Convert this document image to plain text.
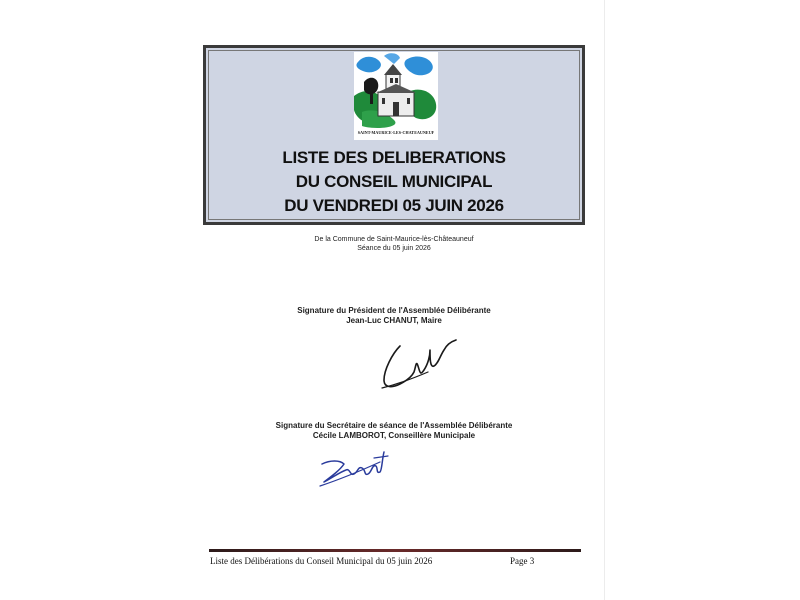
SAINT-MAURICE-LES-CHATEAUNEUF
LISTE DES DELIBERATIONS
DU CONSEIL MUNICIPAL
DU VENDREDI 05 JUIN 2026
De la Commune de Saint-Maurice-lès-Châteauneuf
Séance du 05 juin 2026
Signature du Président de l'Assemblée Délibérante
Jean-Luc CHANUT, Maire
Signature du Secrétaire de séance de l'Assemblée Délibérante
Cécile LAMBOROT, Conseillère Municipale
Liste des Délibérations du Conseil Municipal du 05 juin 2026	Page 3
